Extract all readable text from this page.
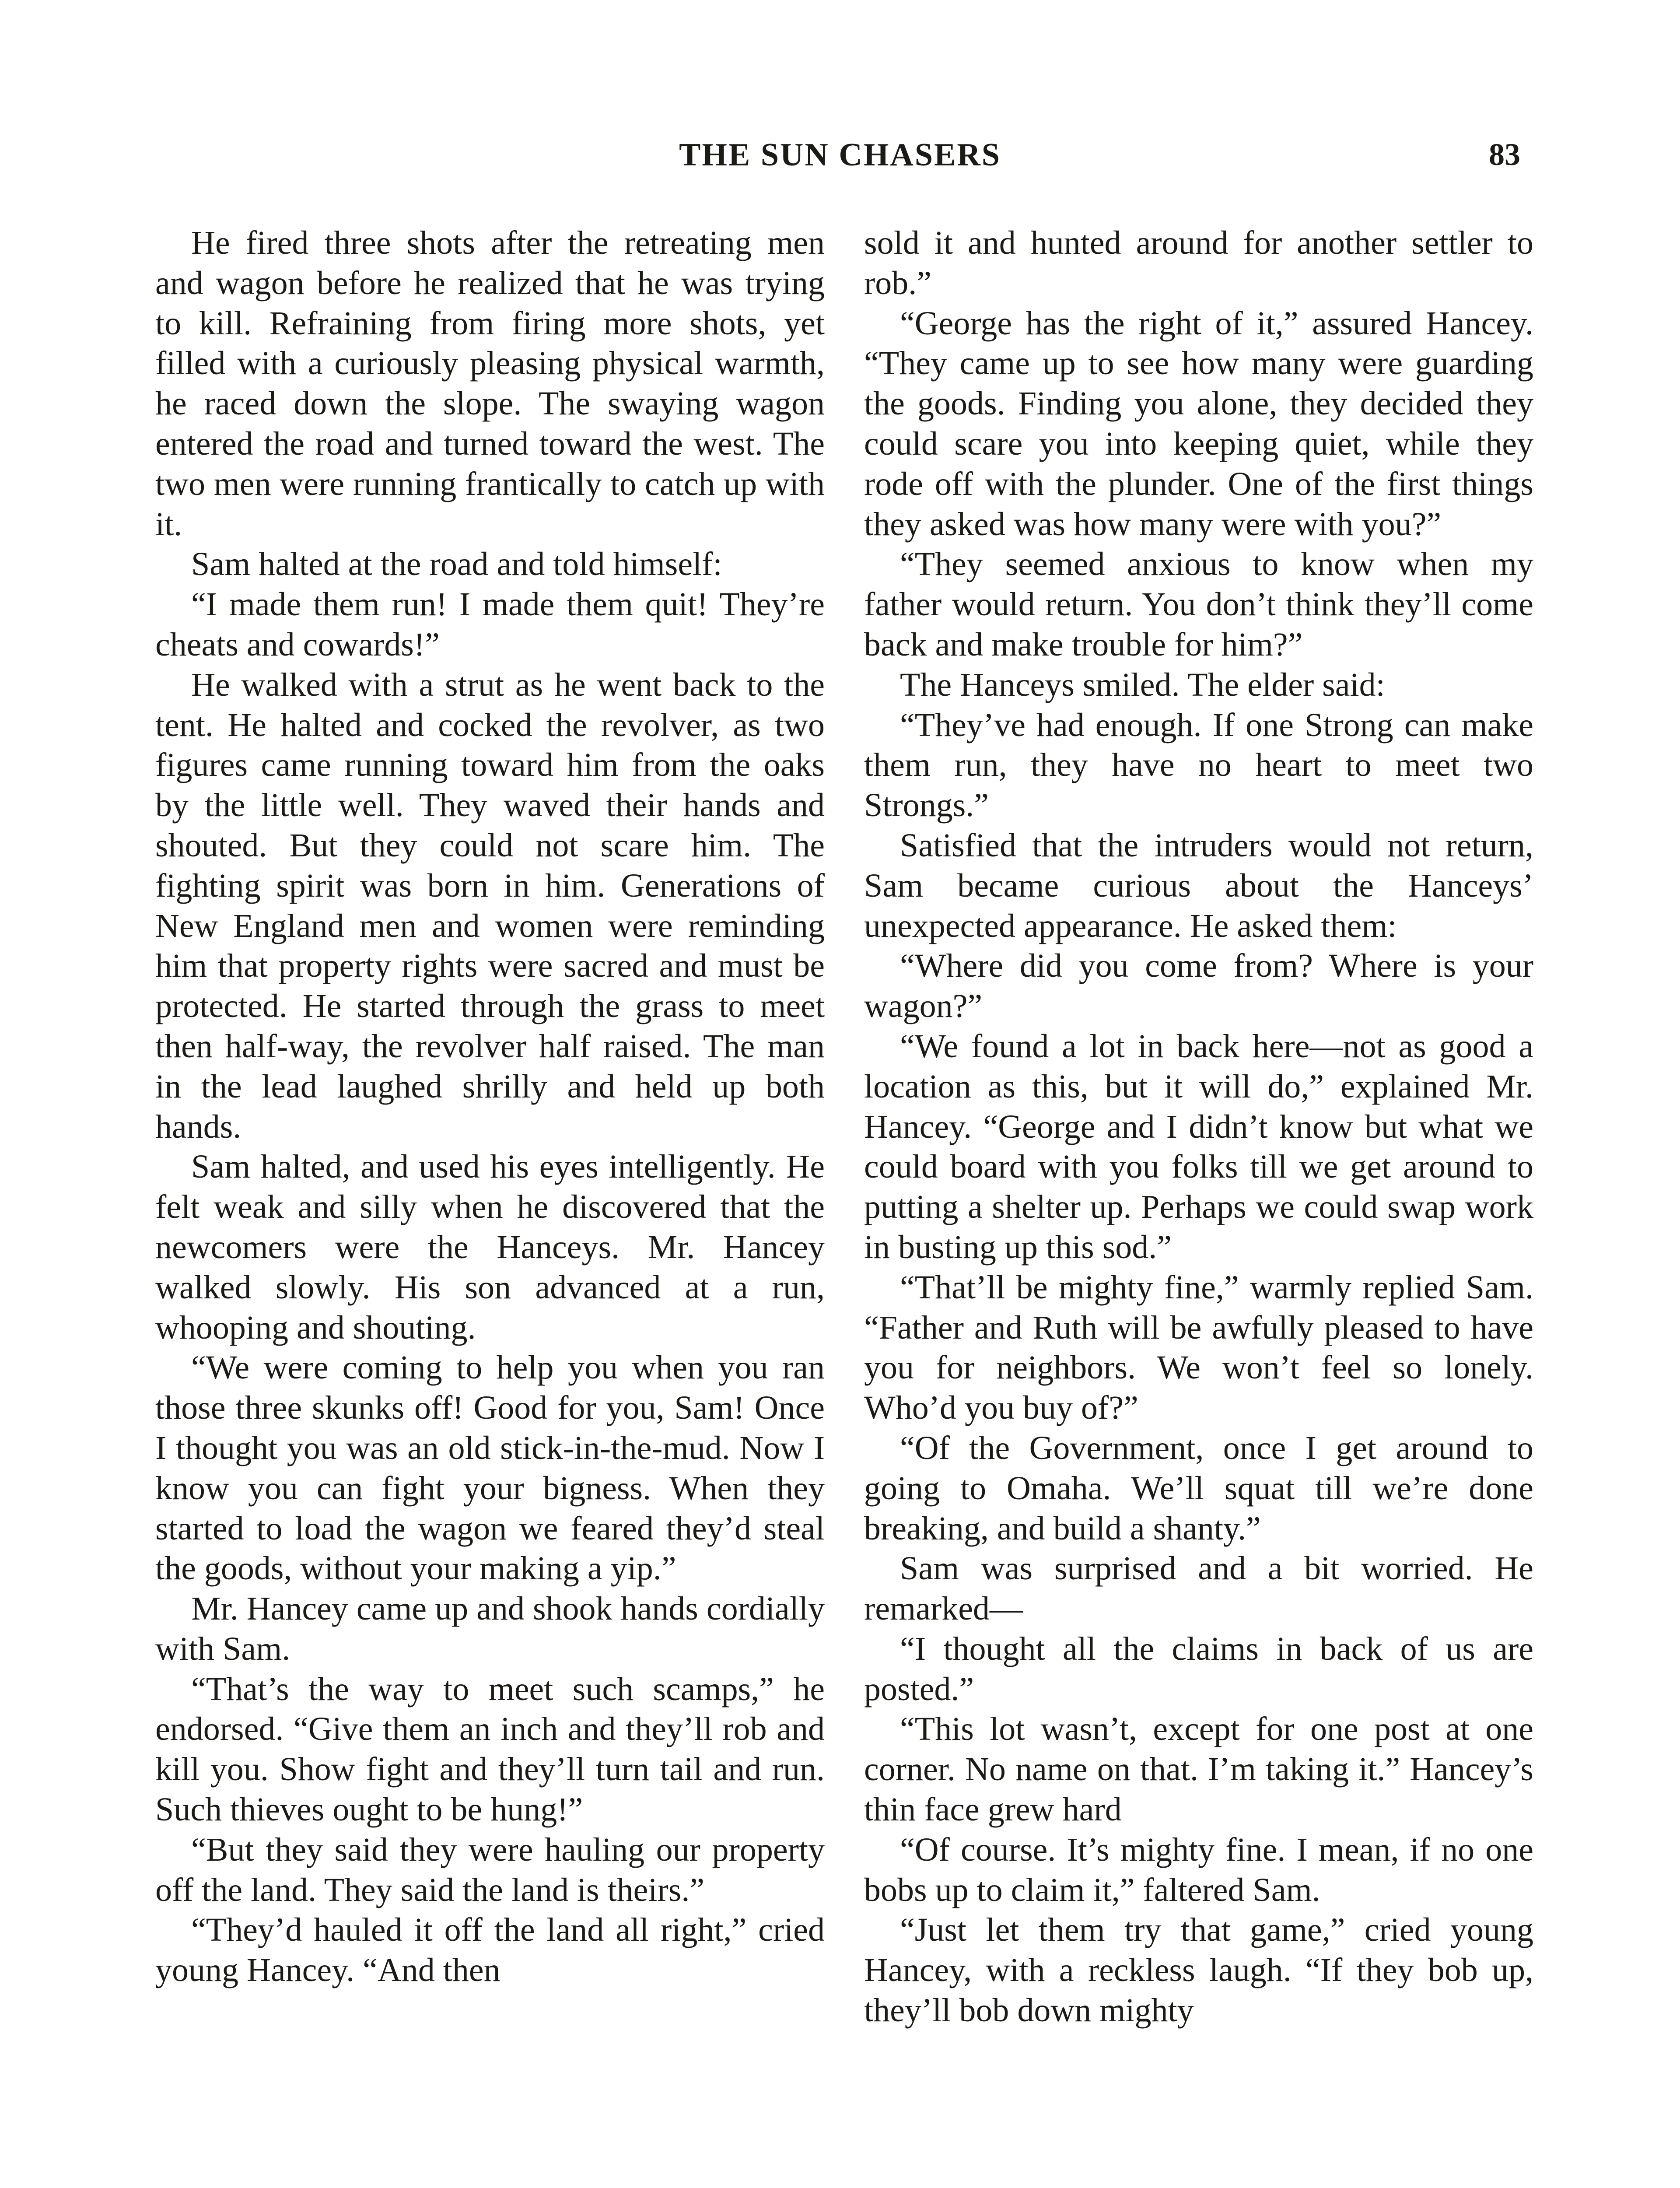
THE SUN CHASERS	83

He fired three shots after the retreating men and wagon before he realized that he was trying to kill. Refraining from firing more shots, yet filled with a curiously pleasing physical warmth, he raced down the slope. The swaying wagon entered the road and turned toward the west. The two men were running frantically to catch up with it.

Sam halted at the road and told himself:

“I made them run! I made them quit! They’re cheats and cowards!”

He walked with a strut as he went back to the tent. He halted and cocked the revolver, as two figures came running toward him from the oaks by the little well. They waved their hands and shouted. But they could not scare him. The fighting spirit was born in him. Generations of New England men and women were reminding him that property rights were sacred and must be protected. He started through the grass to meet then half-way, the revolver half raised. The man in the lead laughed shrilly and held up both hands.

Sam halted, and used his eyes intelligently. He felt weak and silly when he discovered that the newcomers were the Hanceys. Mr. Hancey walked slowly. His son advanced at a run, whooping and shouting.

“We were coming to help you when you ran those three skunks off! Good for you, Sam! Once I thought you was an old stick-in-the-mud. Now I know you can fight your bigness. When they started to load the wagon we feared they’d steal the goods, without your making a yip.”

Mr. Hancey came up and shook hands cordially with Sam.

“That’s the way to meet such scamps,” he endorsed. “Give them an inch and they’ll rob and kill you. Show fight and they’ll turn tail and run. Such thieves ought to be hung!”

“But they said they were hauling our property off the land. They said the land is theirs.”

“They’d hauled it off the land all right,” cried young Hancey. “And then

sold it and hunted around for another settler to rob.”

“George has the right of it,” assured Hancey. “They came up to see how many were guarding the goods. Finding you alone, they decided they could scare you into keeping quiet, while they rode off with the plunder. One of the first things they asked was how many were with you?”

“They seemed anxious to know when my father would return. You don’t think they’ll come back and make trouble for him?”

The Hanceys smiled. The elder said:

“They’ve had enough. If one Strong can make them run, they have no heart to meet two Strongs.”

Satisfied that the intruders would not return, Sam became curious about the Hanceys’ unexpected appearance. He asked them:

“Where did you come from? Where is your wagon?”

“We found a lot in back here—not as good a location as this, but it will do,” explained Mr. Hancey. “George and I didn’t know but what we could board with you folks till we get around to putting a shelter up. Perhaps we could swap work in busting up this sod.”

“That’ll be mighty fine,” warmly replied Sam. “Father and Ruth will be awfully pleased to have you for neighbors. We won’t feel so lonely. Who’d you buy of?”

“Of the Government, once I get around to going to Omaha. We’ll squat till we’re done breaking, and build a shanty.”

Sam was surprised and a bit worried. He remarked—

“I thought all the claims in back of us are posted.”

“This lot wasn’t, except for one post at one corner. No name on that. I’m taking it.” Hancey’s thin face grew hard

“Of course. It’s mighty fine. I mean, if no one bobs up to claim it,” faltered Sam.

“Just let them try that game,” cried young Hancey, with a reckless laugh. “If they bob up, they’ll bob down mighty
